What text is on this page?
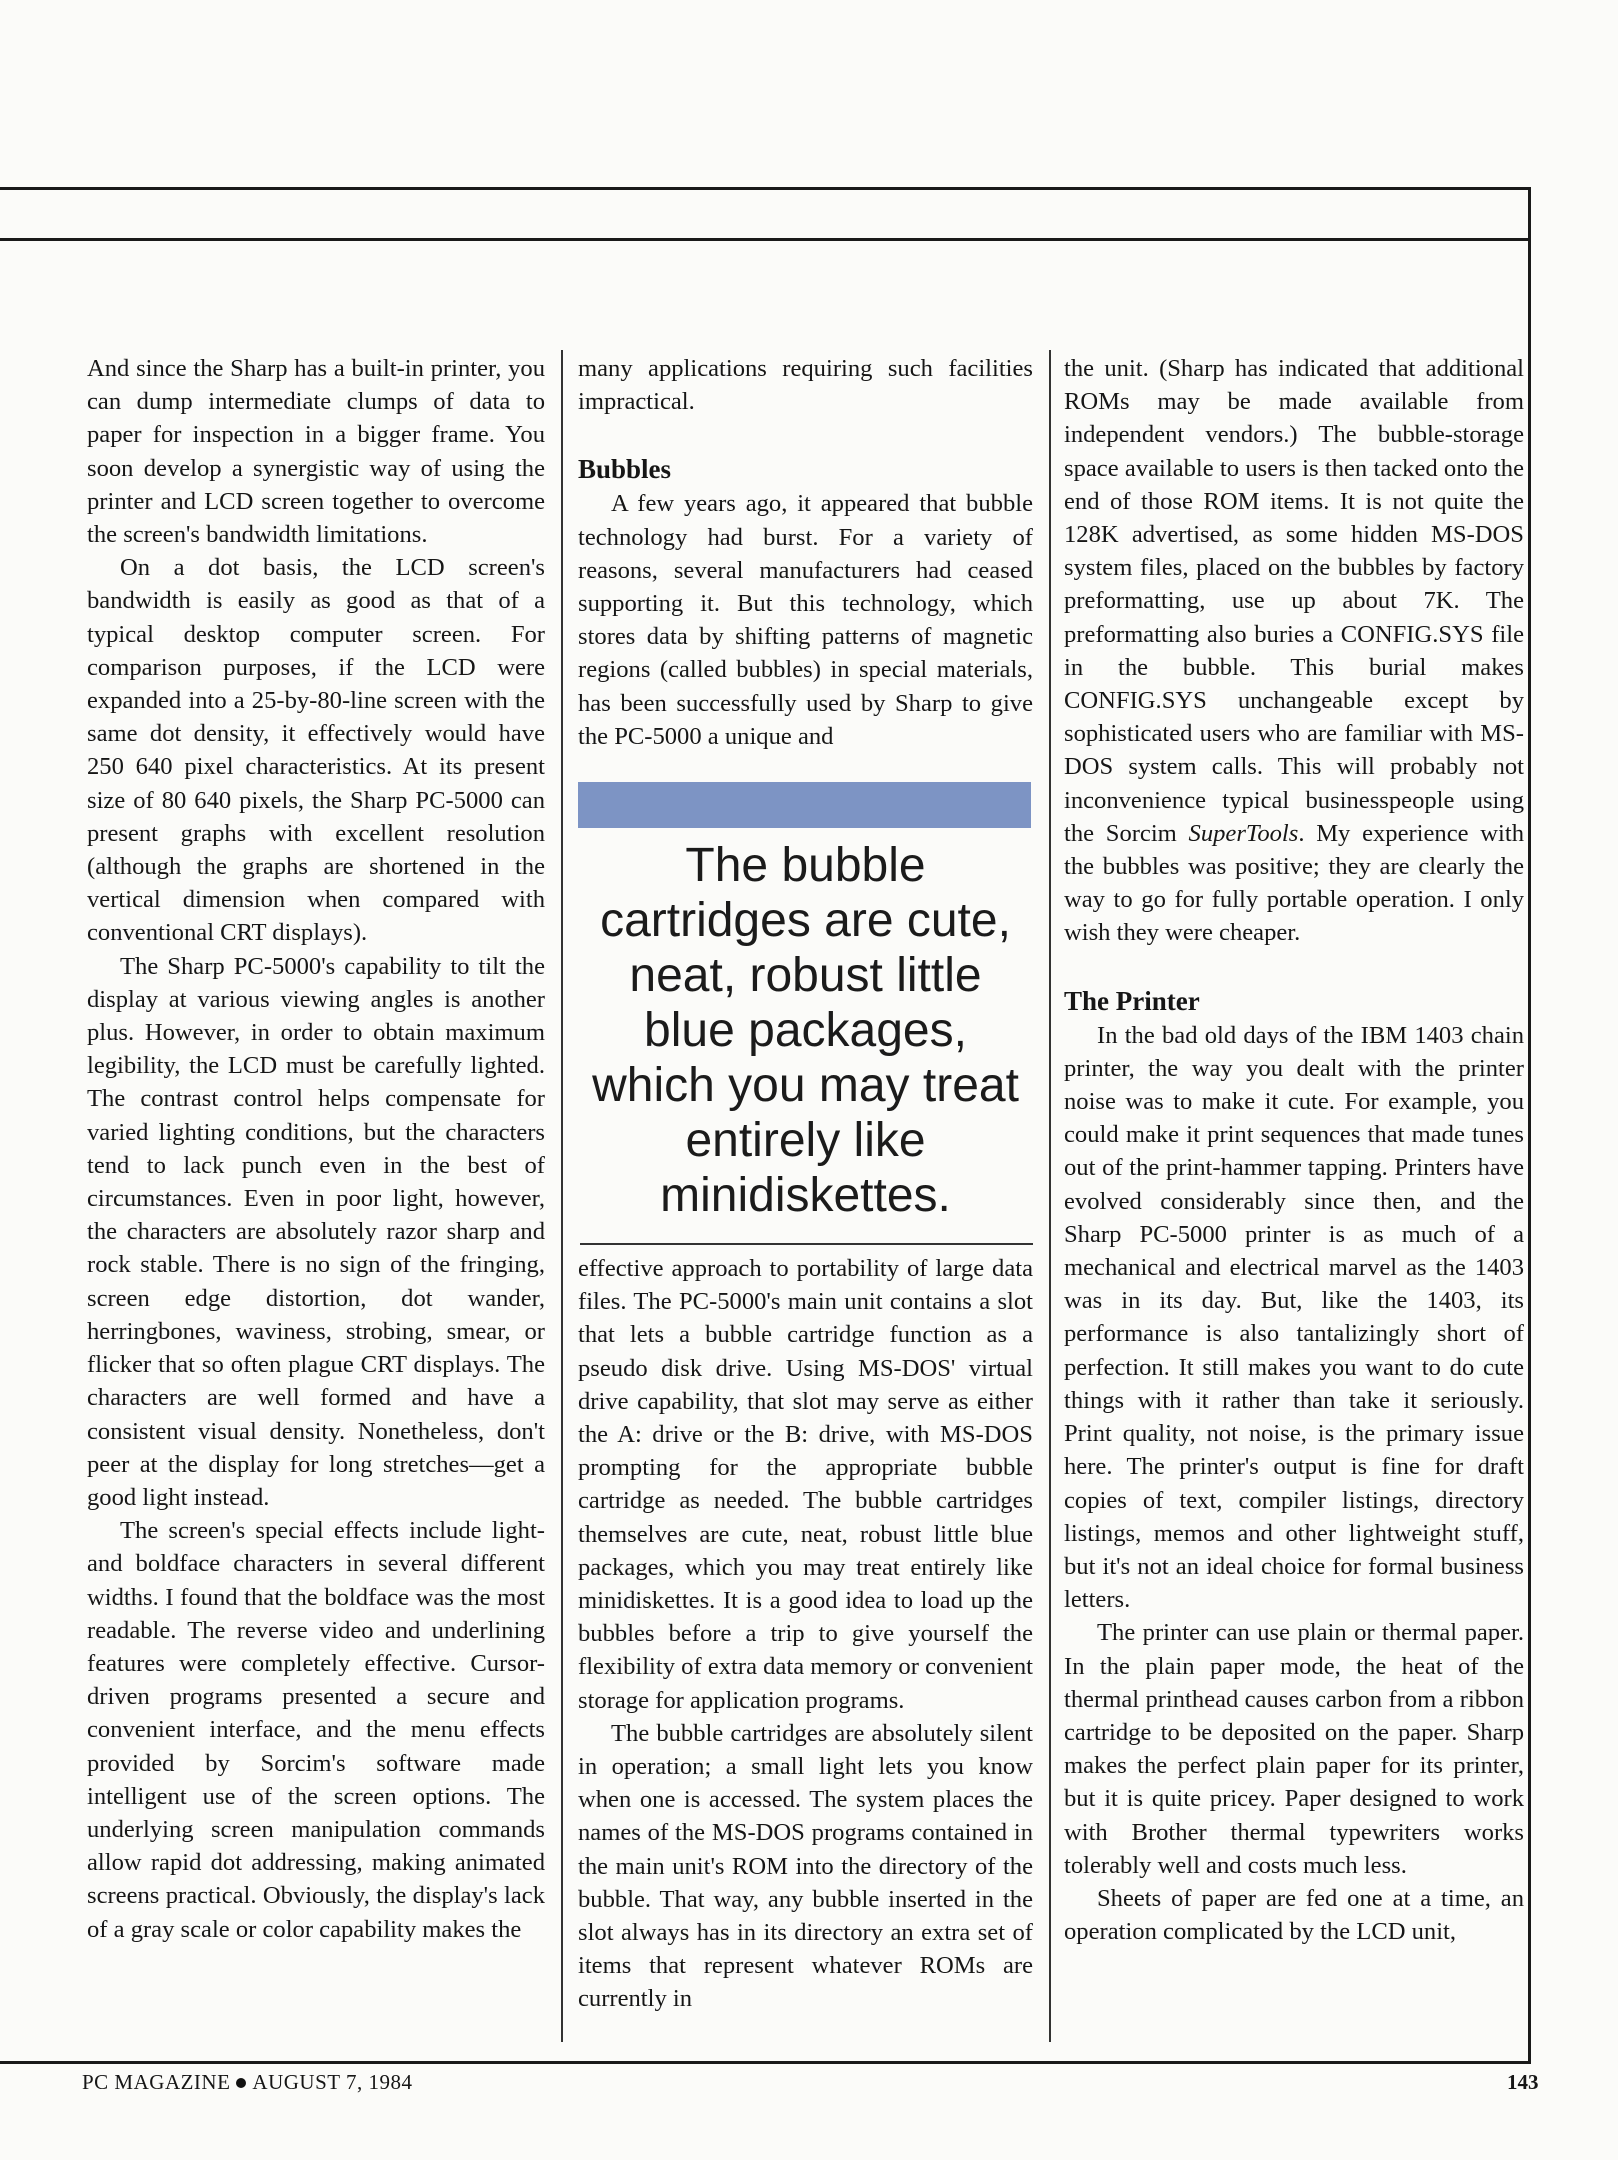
And since the Sharp has a built-in printer, you can dump intermediate clumps of data to paper for inspection in a bigger frame. You soon develop a synergistic way of using the printer and LCD screen together to overcome the screen's bandwidth limitations.

On a dot basis, the LCD screen's bandwidth is easily as good as that of a typical desktop computer screen. For comparison purposes, if the LCD were expanded into a 25-by-80-line screen with the same dot density, it effectively would have 250 640 pixel characteristics. At its present size of 80 640 pixels, the Sharp PC-5000 can present graphs with excellent resolution (although the graphs are shortened in the vertical dimension when compared with conventional CRT displays).

The Sharp PC-5000's capability to tilt the display at various viewing angles is another plus. However, in order to obtain maximum legibility, the LCD must be carefully lighted. The contrast control helps compensate for varied lighting conditions, but the characters tend to lack punch even in the best of circumstances. Even in poor light, however, the characters are absolutely razor sharp and rock stable. There is no sign of the fringing, screen edge distortion, dot wander, herringbones, waviness, strobing, smear, or flicker that so often plague CRT displays. The characters are well formed and have a consistent visual density. Nonetheless, don't peer at the display for long stretches—get a good light instead.

The screen's special effects include light- and boldface characters in several different widths. I found that the boldface was the most readable. The reverse video and underlining features were completely effective. Cursor-driven programs presented a secure and convenient interface, and the menu effects provided by Sorcim's software made intelligent use of the screen options. The underlying screen manipulation commands allow rapid dot addressing, making animated screens practical. Obviously, the display's lack of a gray scale or color capability makes the

many applications requiring such facilities impractical.

Bubbles

A few years ago, it appeared that bubble technology had burst. For a variety of reasons, several manufacturers had ceased supporting it. But this technology, which stores data by shifting patterns of magnetic regions (called bubbles) in special materials, has been successfully used by Sharp to give the PC-5000 a unique and

The bubble cartridges are cute, neat, robust little blue packages, which you may treat entirely like minidiskettes.

effective approach to portability of large data files. The PC-5000's main unit contains a slot that lets a bubble cartridge function as a pseudo disk drive. Using MS-DOS' virtual drive capability, that slot may serve as either the A: drive or the B: drive, with MS-DOS prompting for the appropriate bubble cartridge as needed. The bubble cartridges themselves are cute, neat, robust little blue packages, which you may treat entirely like minidiskettes. It is a good idea to load up the bubbles before a trip to give yourself the flexibility of extra data memory or convenient storage for application programs.

The bubble cartridges are absolutely silent in operation; a small light lets you know when one is accessed. The system places the names of the MS-DOS programs contained in the main unit's ROM into the directory of the bubble. That way, any bubble inserted in the slot always has in its directory an extra set of items that represent whatever ROMs are currently in

the unit. (Sharp has indicated that additional ROMs may be made available from independent vendors.) The bubble-storage space available to users is then tacked onto the end of those ROM items. It is not quite the 128K advertised, as some hidden MS-DOS system files, placed on the bubbles by factory preformatting, use up about 7K. The preformatting also buries a CONFIG.SYS file in the bubble. This burial makes CONFIG.SYS unchangeable except by sophisticated users who are familiar with MS-DOS system calls. This will probably not inconvenience typical businesspeople using the Sorcim SuperTools. My experience with the bubbles was positive; they are clearly the way to go for fully portable operation. I only wish they were cheaper.

The Printer

In the bad old days of the IBM 1403 chain printer, the way you dealt with the printer noise was to make it cute. For example, you could make it print sequences that made tunes out of the print-hammer tapping. Printers have evolved considerably since then, and the Sharp PC-5000 printer is as much of a mechanical and electrical marvel as the 1403 was in its day. But, like the 1403, its performance is also tantalizingly short of perfection. It still makes you want to do cute things with it rather than take it seriously. Print quality, not noise, is the primary issue here. The printer's output is fine for draft copies of text, compiler listings, directory listings, memos and other lightweight stuff, but it's not an ideal choice for formal business letters.

The printer can use plain or thermal paper. In the plain paper mode, the heat of the thermal printhead causes carbon from a ribbon cartridge to be deposited on the paper. Sharp makes the perfect plain paper for its printer, but it is quite pricey. Paper designed to work with Brother thermal typewriters works tolerably well and costs much less.

Sheets of paper are fed one at a time, an operation complicated by the LCD unit,

PC MAGAZINE AUGUST 7, 1984	143
